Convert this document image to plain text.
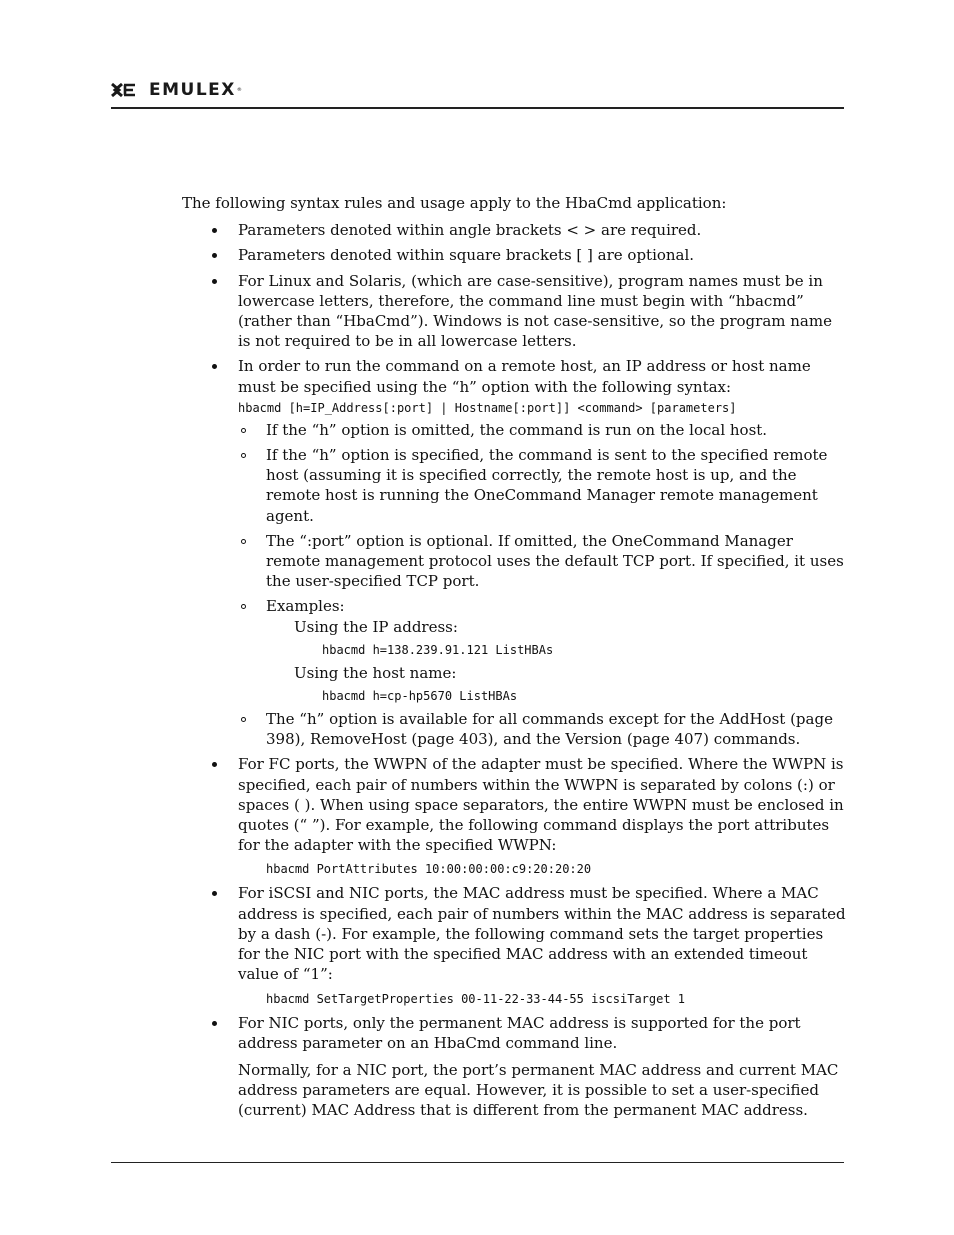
EMULEX ®

The following syntax rules and usage apply to the HbaCmd application:

Parameters denoted within angle brackets < > are required.
Parameters denoted within square brackets [ ] are optional.
For Linux and Solaris, (which are case-sensitive), program names must be in lowercase letters, therefore, the command line must begin with “hbacmd” (rather than “HbaCmd”). Windows is not case-sensitive, so the program name is not required to be in all lowercase letters.

In order to run the command on a remote host, an IP address or host name must be specified using the “h” option with the following syntax:

hbacmd [h=IP_Address[:port] | Hostname[:port]] <command> [parameters]
If the “h” option is omitted, the command is run on the local host.
If the “h” option is specified, the command is sent to the specified remote host (assuming it is specified correctly, the remote host is up, and the remote host is running the OneCommand Manager remote management agent.
The “:port” option is optional. If omitted, the OneCommand Manager remote management protocol uses the default TCP port. If specified, it uses the user-specified TCP port.

Examples:

Using the IP address:

hbacmd h=138.239.91.121 ListHBAs

Using the host name:

hbacmd h=cp-hp5670 ListHBAs
The “h” option is available for all commands except for the AddHost (page 398), RemoveHost (page 403), and the Version (page 407) commands.

For FC ports, the WWPN of the adapter must be specified. Where the WWPN is specified, each pair of numbers within the WWPN is separated by colons (:) or spaces ( ). When using space separators, the entire WWPN must be enclosed in quotes (“ ”). For example, the following command displays the port attributes for the adapter with the specified WWPN:

hbacmd PortAttributes 10:00:00:00:c9:20:20:20

For iSCSI and NIC ports, the MAC address must be specified. Where a MAC address is specified, each pair of numbers within the MAC address is separated by a dash (-). For example, the following command sets the target properties for the NIC port with the specified MAC address with an extended timeout value of “1”:

hbacmd SetTargetProperties 00-11-22-33-44-55 iscsiTarget 1

For NIC ports, only the permanent MAC address is supported for the port address parameter on an HbaCmd command line.

Normally, for a NIC port, the port’s permanent MAC address and current MAC address parameters are equal. However, it is possible to set a user-specified (current) MAC Address that is different from the permanent MAC address.
